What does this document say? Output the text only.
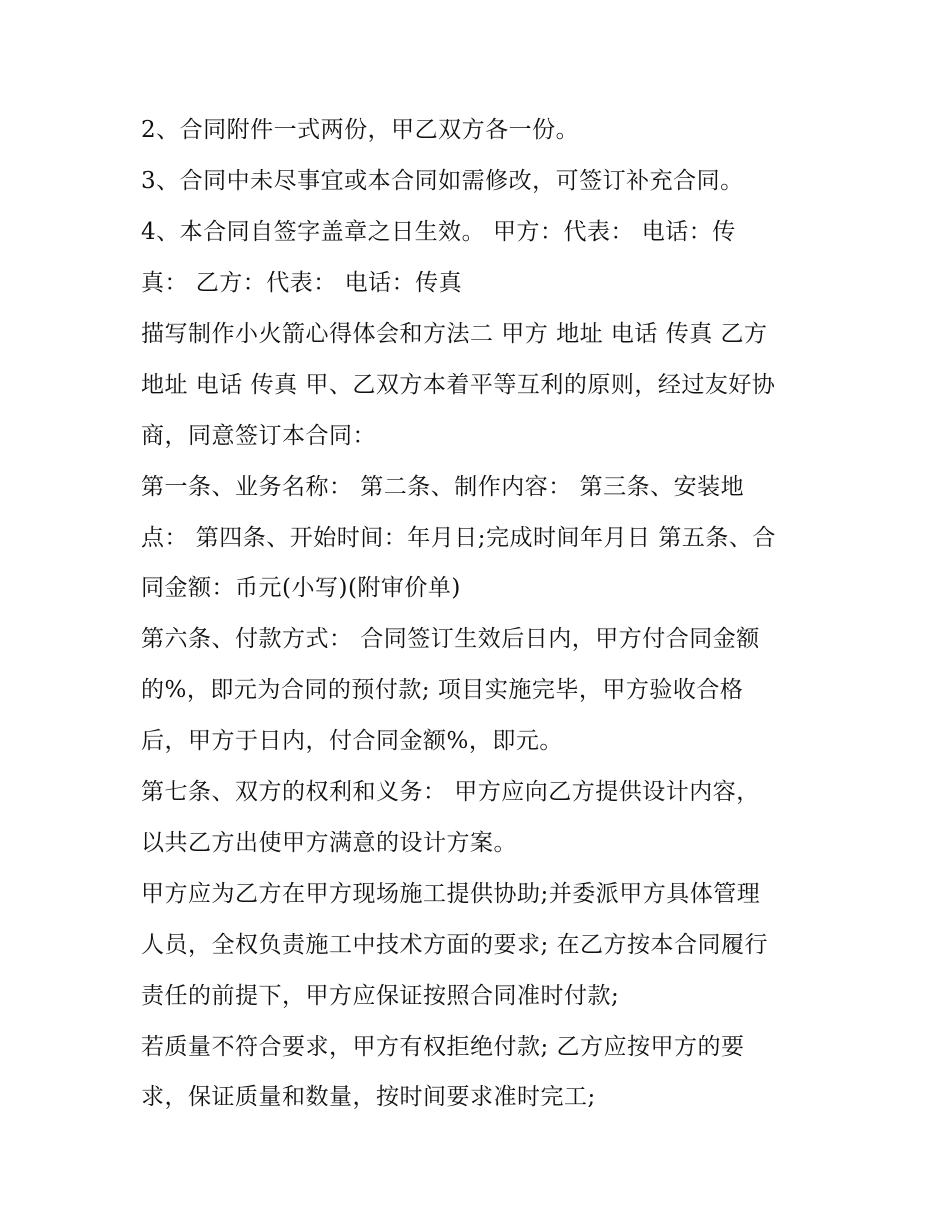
2、合同附件一式两份，甲乙双方各一份。
3、合同中未尽事宜或本合同如需修改，可签订补充合同。
4、本合同自签字盖章之日生效。 甲方：代表： 电话：传
真： 乙方：代表： 电话：传真
描写制作小火箭心得体会和方法二 甲方 地址 电话 传真 乙方
地址 电话 传真 甲、乙双方本着平等互利的原则，经过友好协
商，同意签订本合同：
第一条、业务名称： 第二条、制作内容： 第三条、安装地
点： 第四条、开始时间：年月日;完成时间年月日 第五条、合
同金额：币元(小写)(附审价单)
第六条、付款方式： 合同签订生效后日内，甲方付合同金额
的%，即元为合同的预付款; 项目实施完毕，甲方验收合格
后，甲方于日内，付合同金额%，即元。
第七条、双方的权利和义务： 甲方应向乙方提供设计内容，
以共乙方出使甲方满意的设计方案。
甲方应为乙方在甲方现场施工提供协助;并委派甲方具体管理
人员，全权负责施工中技术方面的要求; 在乙方按本合同履行
责任的前提下，甲方应保证按照合同准时付款;
若质量不符合要求，甲方有权拒绝付款; 乙方应按甲方的要
求，保证质量和数量，按时间要求准时完工;
